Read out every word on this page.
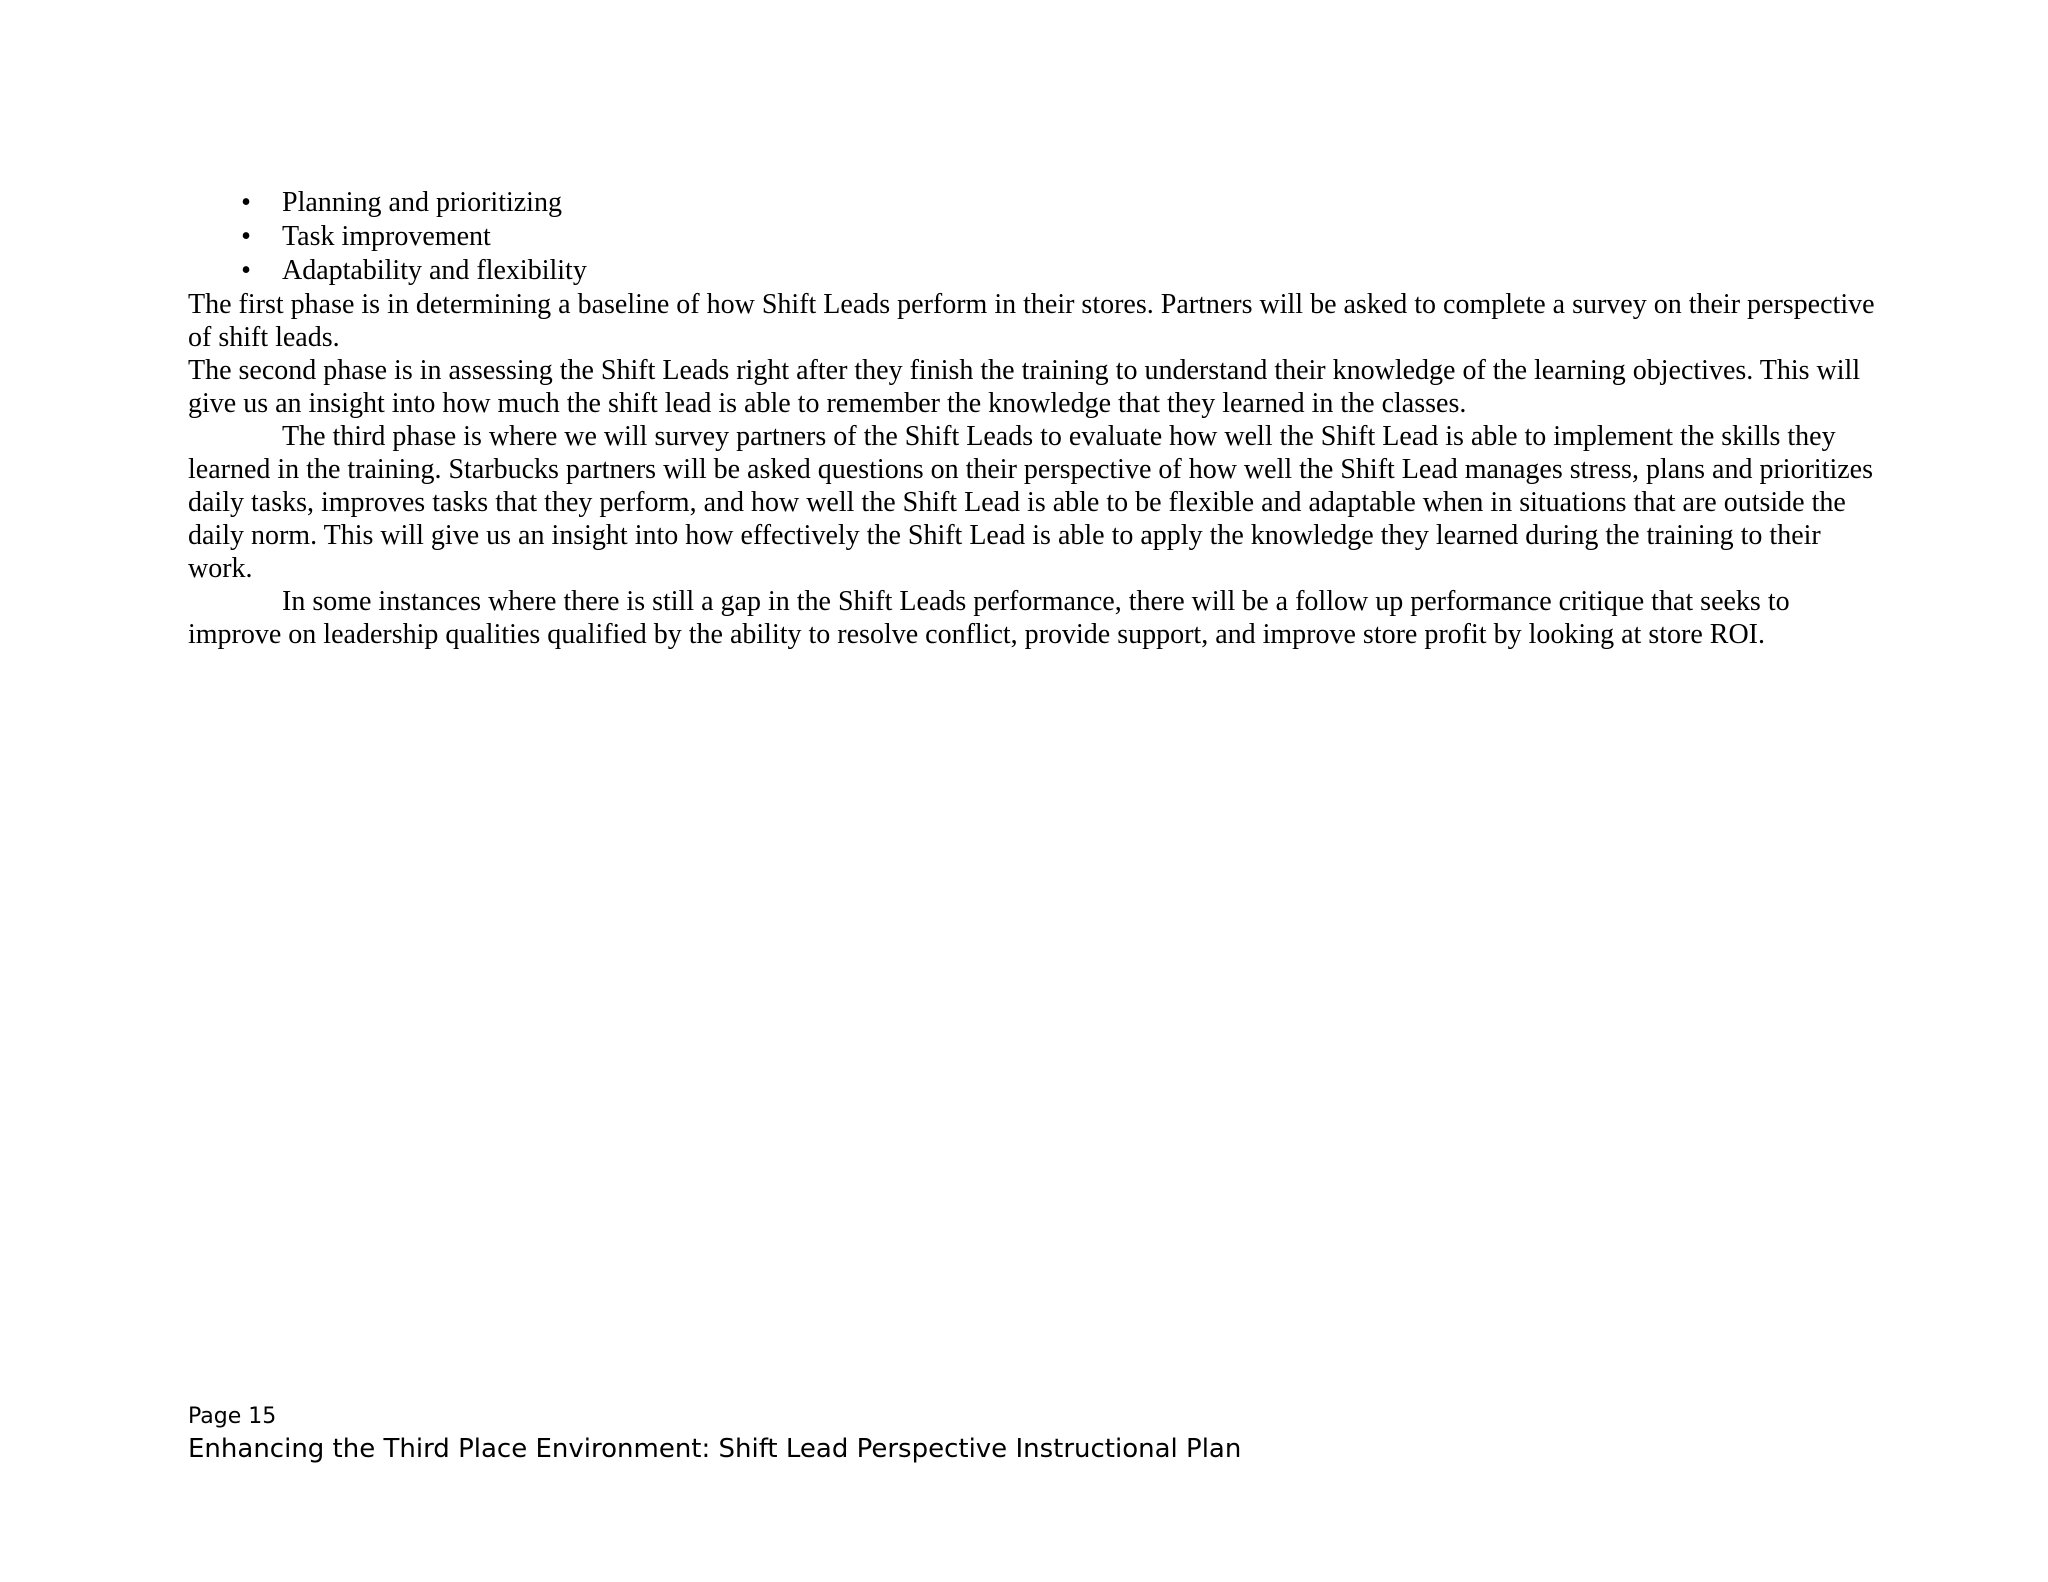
• Planning and prioritizing
• Task improvement
• Adaptability and flexibility

The first phase is in determining a baseline of how Shift Leads perform in their stores. Partners will be asked to complete a survey on their perspective of shift leads.

The second phase is in assessing the Shift Leads right after they finish the training to understand their knowledge of the learning objectives. This will give us an insight into how much the shift lead is able to remember the knowledge that they learned in the classes.

The third phase is where we will survey partners of the Shift Leads to evaluate how well the Shift Lead is able to implement the skills they learned in the training. Starbucks partners will be asked questions on their perspective of how well the Shift Lead manages stress, plans and prioritizes daily tasks, improves tasks that they perform, and how well the Shift Lead is able to be flexible and adaptable when in situations that are outside the daily norm. This will give us an insight into how effectively the Shift Lead is able to apply the knowledge they learned during the training to their work.

In some instances where there is still a gap in the Shift Leads performance, there will be a follow up performance critique that seeks to improve on leadership qualities qualified by the ability to resolve conflict, provide support, and improve store profit by looking at store ROI.

Page 15

Enhancing the Third Place Environment: Shift Lead Perspective Instructional Plan
